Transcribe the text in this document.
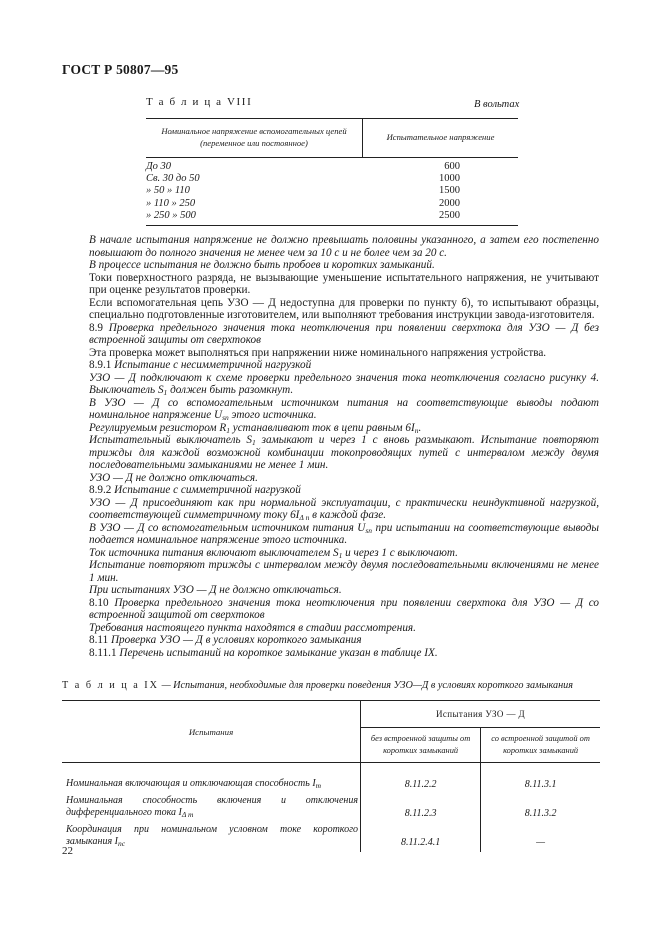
ГОСТ Р 50807—95
Т а б л и ц а VIII	В вольтах
Номинальное напряжение вспомогательных цепей (переменное или постоянное)	Испытательное напряжение
До 30	600
Св. 30 до 50	1000
» 50 » 110	1500
» 110 » 250	2000
» 250 » 500	2500

В начале испытания напряжение не должно превышать половины указанного, а затем его постепенно повышают до полного значения не менее чем за 10 с и не более чем за 20 с.

В процессе испытания не должно быть пробоев и коротких замыканий.

Токи поверхностного разряда, не вызывающие уменьшение испытательного напряжения, не учитывают при оценке результатов проверки.

Если вспомогательная цепь УЗО — Д недоступна для проверки по пункту б), то испытывают образцы, специально подготовленные изготовителем, или выполняют требования инструкции завода-изготовителя.

8.9 Проверка предельного значения тока неотключения при появлении сверхтока для УЗО — Д без встроенной защиты от сверхтоков

Эта проверка может выполняться при напряжении ниже номинального напряжения устройства.

8.9.1 Испытание с несимметричной нагрузкой

УЗО — Д подключают к схеме проверки предельного значения тока неотключения согласно рисунку 4. Выключатель $S_1$ должен быть разомкнут.

В УЗО — Д со вспомогательным источником питания на соответствующие выводы подают номинальное напряжение $U_{sn}$ этого источника.

Регулируемым резистором $R_1$ устанавливают ток в цепи равным $6I_n$.

Испытательный выключатель $S_1$ замыкают и через 1 с вновь размыкают. Испытание повторяют трижды для каждой возможной комбинации токопроводящих путей с интервалом между двумя последовательными замыканиями не менее 1 мин.

УЗО — Д не должно отключаться.

8.9.2 Испытание с симметричной нагрузкой

УЗО — Д присоединяют как при нормальной эксплуатации, с практически неиндуктивной нагрузкой, соответствующей симметричному току $6I_{\Delta n}$ в каждой фазе.

В УЗО — Д со вспомогательным источником питания $U_{sn}$ при испытании на соответствующие выводы подается номинальное напряжение этого источника.

Ток источника питания включают выключателем $S_1$ и через 1 с выключают.

Испытание повторяют трижды с интервалом между двумя последовательными включениями не менее 1 мин.

При испытаниях УЗО — Д не должно отключаться.

8.10 Проверка предельного значения тока неотключения при появлении сверхтока для УЗО — Д со встроенной защитой от сверхтоков

Требования настоящего пункта находятся в стадии рассмотрения.

8.11 Проверка УЗО — Д в условиях короткого замыкания

8.11.1 Перечень испытаний на короткое замыкание указан в таблице IX.

Т а б л и ц а IX — Испытания, необходимые для проверки поведения УЗО—Д в условиях короткого замыкания
Испытания	Испытания УЗО — Д	
	без встроенной защиты от коротких замыканий	со встроенной защитой от коротких замыканий

Номинальная включающая и отключающая способность $I_m$	8.11.2.2	8.11.3.1
Номинальная способность включения и отключения дифференциального тока $I_{\Delta m}$	8.11.2.3	8.11.3.2
Координация при номинальном условном токе короткого замыкания $I_{nc}$	8.11.2.4.1	—
22
